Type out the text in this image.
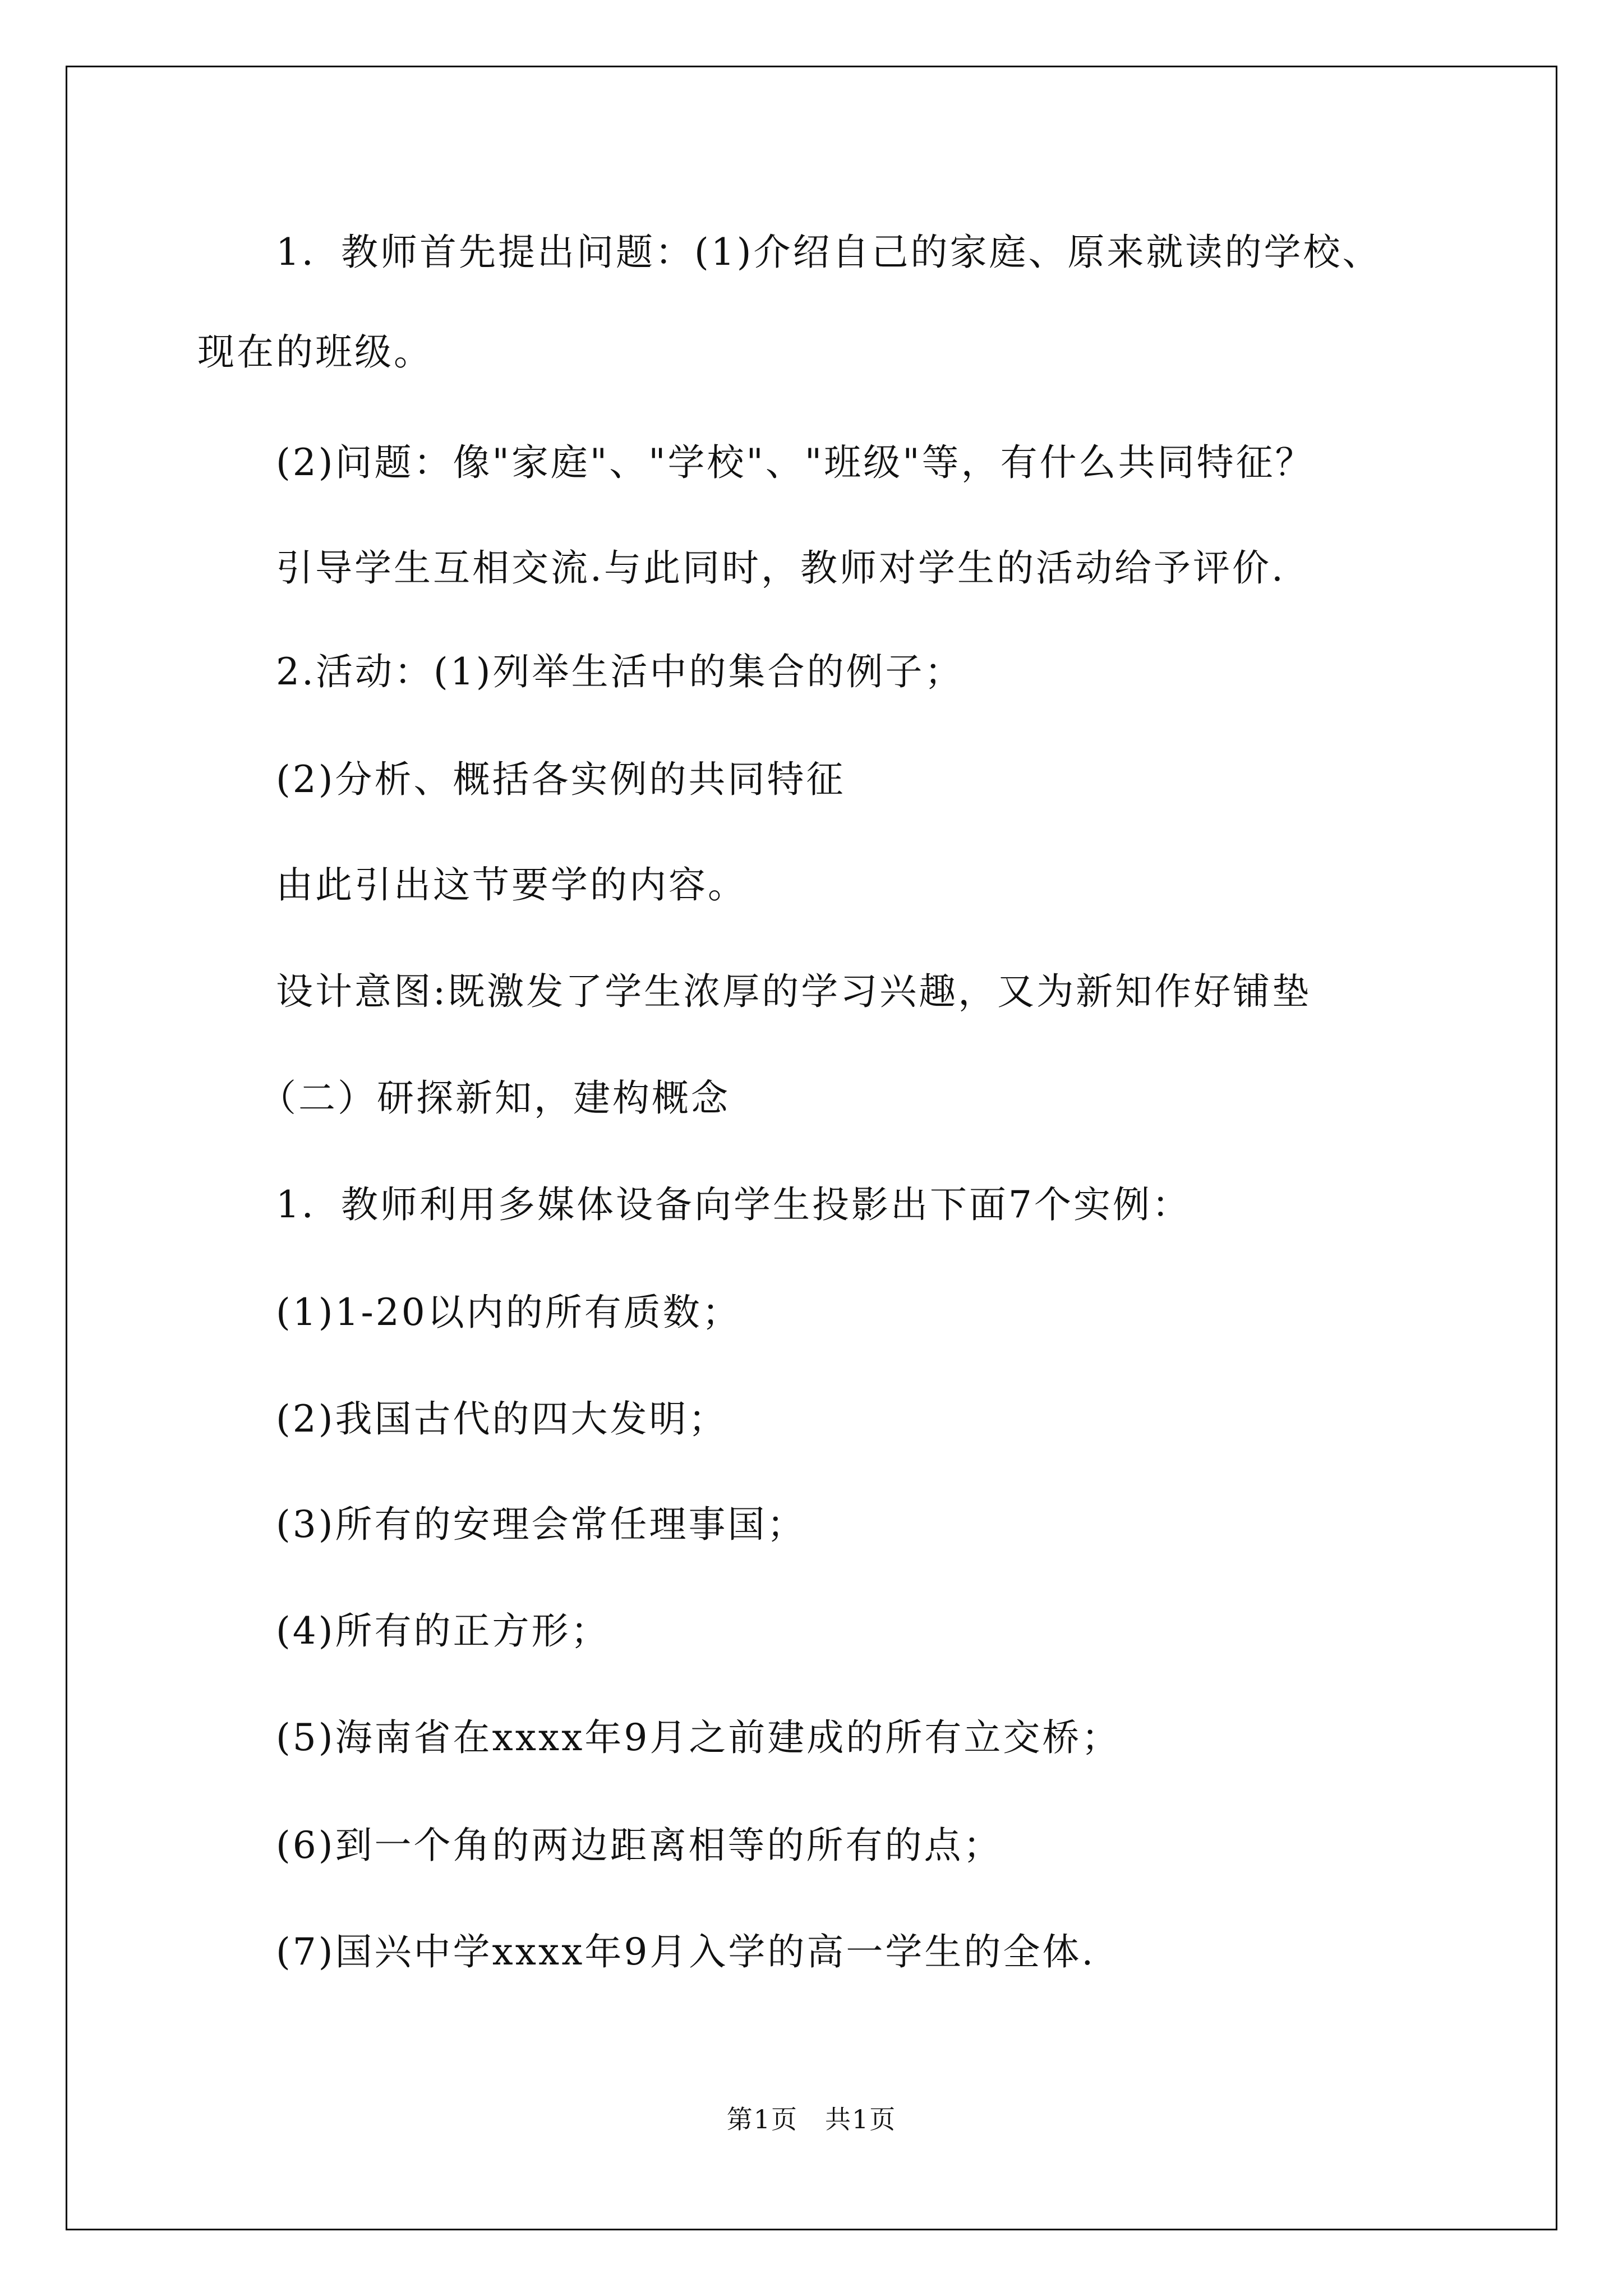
1．教师首先提出问题：(1)介绍自己的家庭、原来就读的学校、
现在的班级。
(2)问题：像"家庭"、"学校"、"班级"等，有什么共同特征？
引导学生互相交流.与此同时，教师对学生的活动给予评价.
2.活动：(1)列举生活中的集合的例子；
(2)分析、概括各实例的共同特征
由此引出这节要学的内容。
设计意图:既激发了学生浓厚的学习兴趣，又为新知作好铺垫
（二）研探新知，建构概念
1．教师利用多媒体设备向学生投影出下面7个实例：
(1)1-20以内的所有质数；
(2)我国古代的四大发明；
(3)所有的安理会常任理事国；
(4)所有的正方形；
(5)海南省在xxxx年9月之前建成的所有立交桥；
(6)到一个角的两边距离相等的所有的点；
(7)国兴中学xxxx年9月入学的高一学生的全体.
第1页　共1页
